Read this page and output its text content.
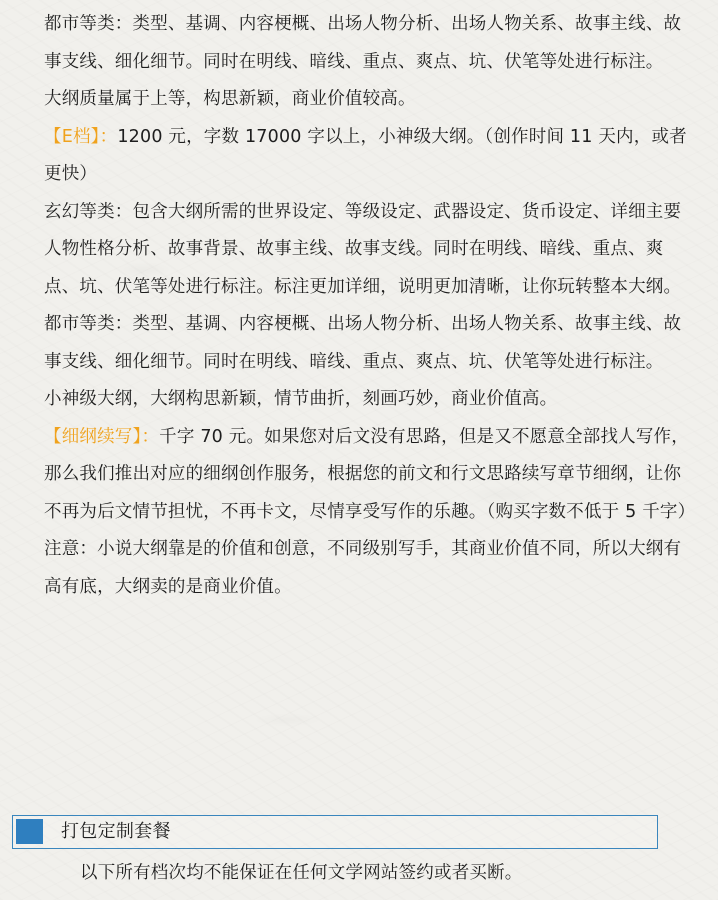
都市等类：类型、基调、内容梗概、出场人物分析、出场人物关系、故事主线、故事支线、细化细节。同时在明线、暗线、重点、爽点、坑、伏笔等处进行标注。

大纲质量属于上等，构思新颖，商业价值较高。

【E档】：1200 元，字数 17000 字以上，小神级大纲。（创作时间 11 天内，或者更快）

玄幻等类：包含大纲所需的世界设定、等级设定、武器设定、货币设定、详细主要人物性格分析、故事背景、故事主线、故事支线。同时在明线、暗线、重点、爽点、坑、伏笔等处进行标注。标注更加详细，说明更加清晰，让你玩转整本大纲。

都市等类：类型、基调、内容梗概、出场人物分析、出场人物关系、故事主线、故事支线、细化细节。同时在明线、暗线、重点、爽点、坑、伏笔等处进行标注。

小神级大纲，大纲构思新颖，情节曲折，刻画巧妙，商业价值高。

【细纲续写】：千字 70 元。如果您对后文没有思路，但是又不愿意全部找人写作，那么我们推出对应的细纲创作服务，根据您的前文和行文思路续写章节细纲，让你不再为后文情节担忧，不再卡文，尽情享受写作的乐趣。（购买字数不低于 5 千字）

注意：小说大纲靠是的价值和创意，不同级别写手，其商业价值不同，所以大纲有高有底，大纲卖的是商业价值。

打包定制套餐
以下所有档次均不能保证在任何文学网站签约或者买断。
